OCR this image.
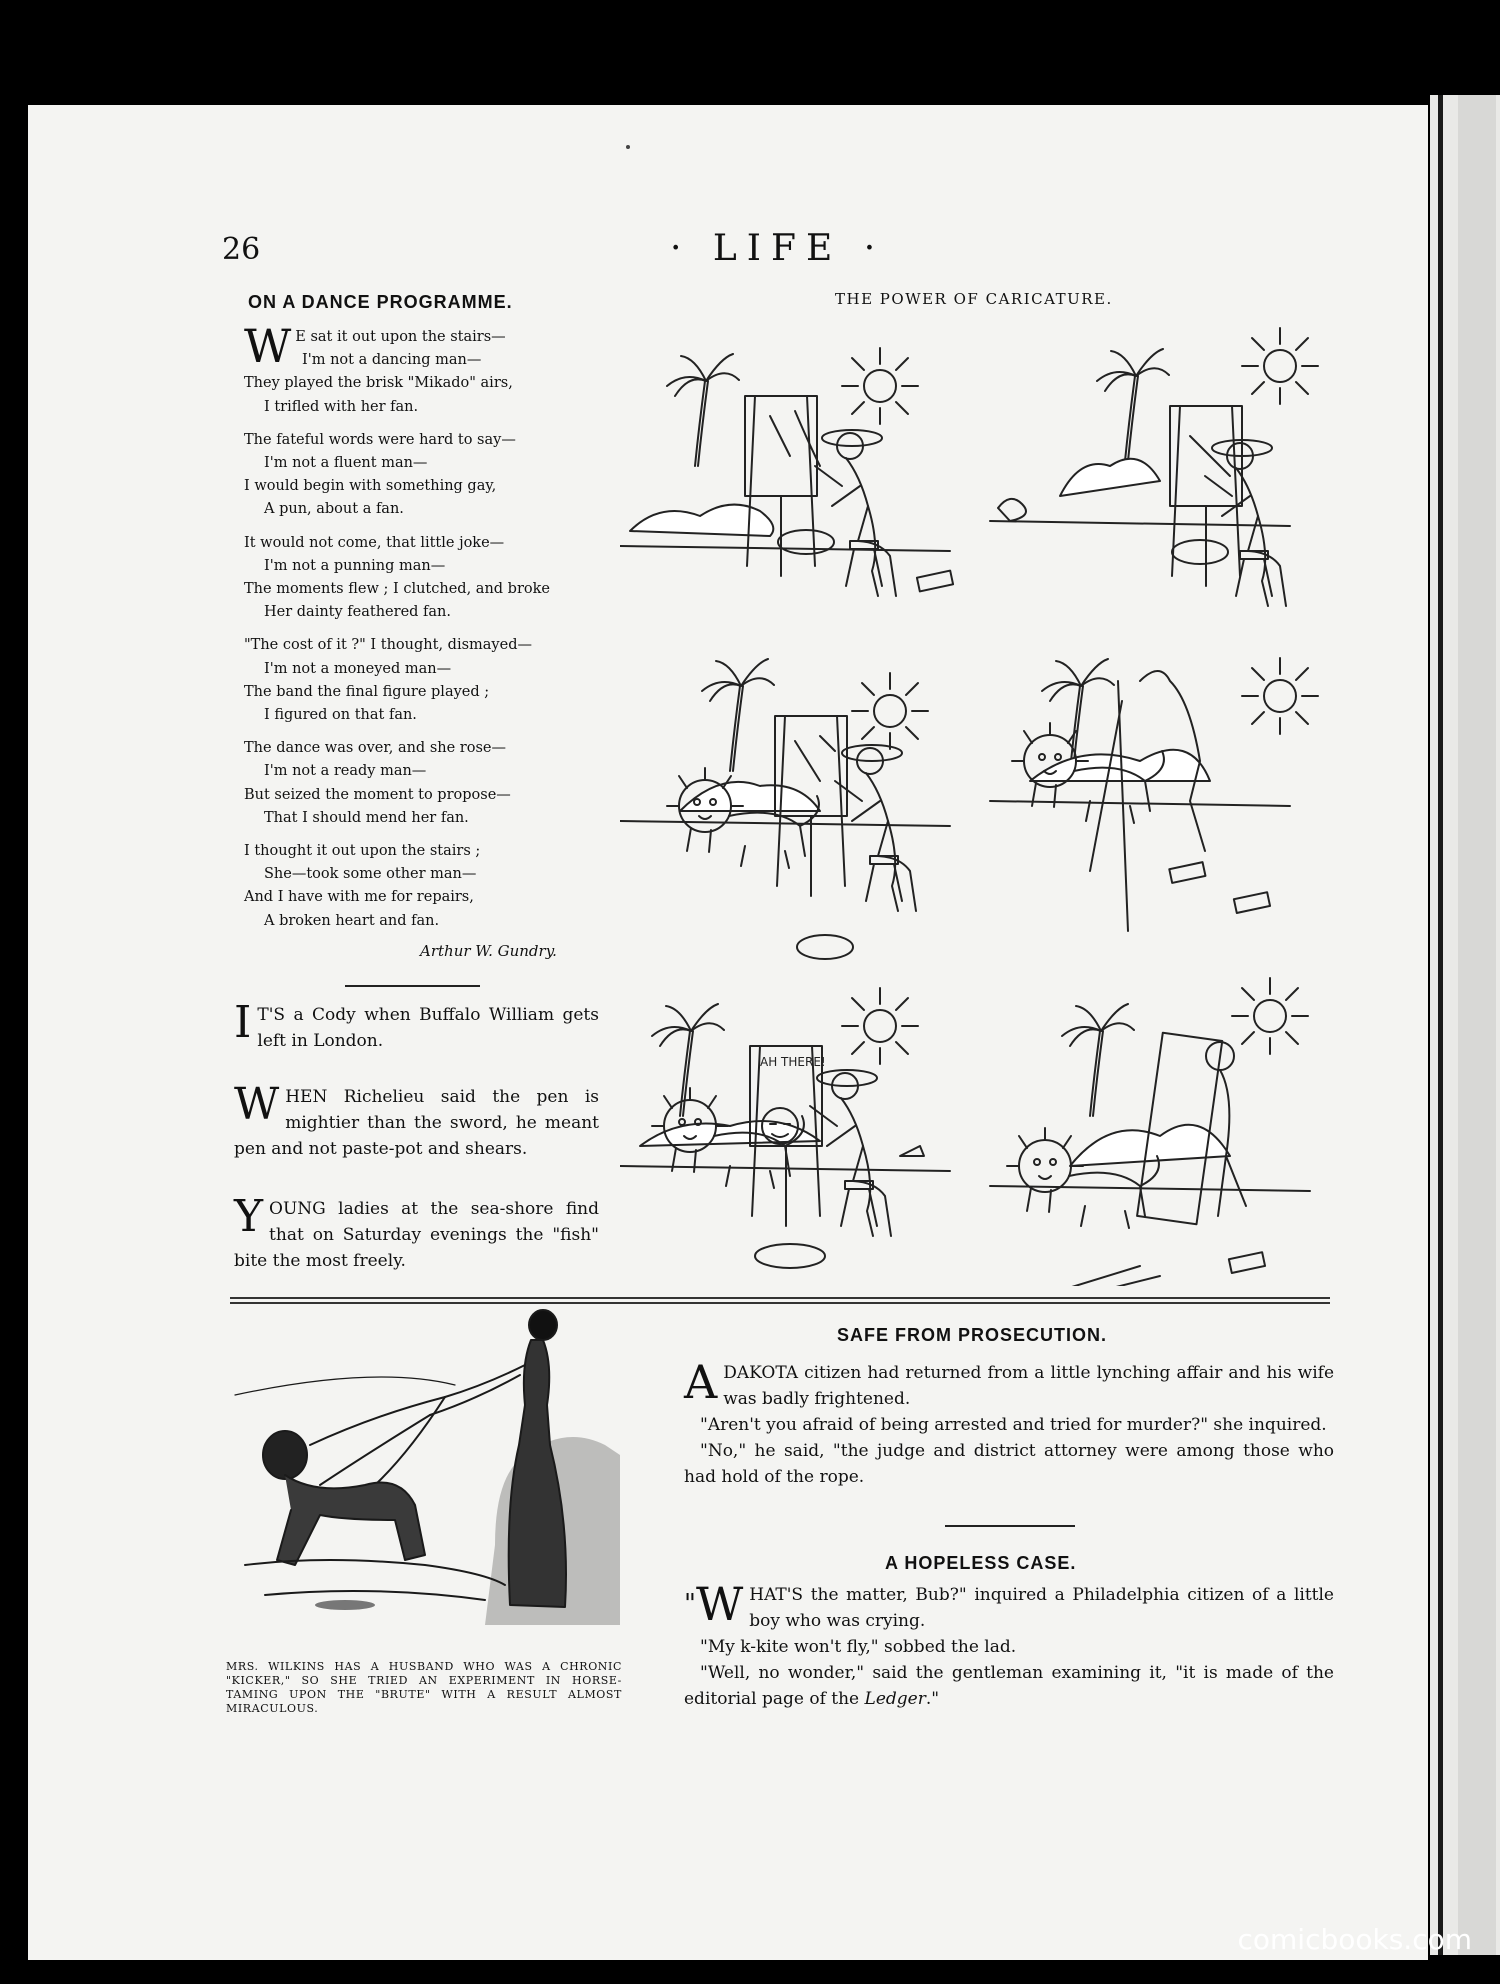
26	· LIFE ·
ON A DANCE PROGRAMME.
W E sat it out upon the stairs—
I'm not a dancing man—
They played the brisk "Mikado" airs,
I trifled with her fan.
The fateful words were hard to say—
I'm not a fluent man—
I would begin with something gay,
A pun, about a fan.
It would not come, that little joke—
I'm not a punning man—
The moments flew ; I clutched, and broke
Her dainty feathered fan.
"The cost of it ?" I thought, dismayed—
I'm not a moneyed man—
The band the final figure played ;
I figured on that fan.
The dance was over, and she rose—
I'm not a ready man—
But seized the moment to propose—
That I should mend her fan.
I thought it out upon the stairs ;
She—took some other man—
And I have with me for repairs,
A broken heart and fan.
Arthur W. Gundry.
I T'S a Cody when Buffalo William gets left in London.
WHEN Richelieu said the pen is mightier than the sword, he meant pen and not paste-pot and shears.
YOUNG ladies at the sea-shore find that on Saturday evenings the "fish" bite the most freely.
THE POWER OF CARICATURE.
AH THERE!
MRS. WILKINS HAS A HUSBAND WHO WAS A CHRONIC "KICKER," SO SHE TRIED AN EXPERIMENT IN HORSE-TAMING UPON THE "BRUTE" WITH A RESULT ALMOST MIRACULOUS.
SAFE FROM PROSECUTION.

ADAKOTA citizen had returned from a little lynching affair and his wife was badly frightened.

"Aren't you afraid of being arrested and tried for murder?" she inquired.

"No," he said, "the judge and district attorney were among those who had hold of the rope.

A HOPELESS CASE.

"W HAT'S the matter, Bub?" inquired a Philadelphia citizen of a little boy who was crying.

"My k-kite won't fly," sobbed the lad.

"Well, no wonder," said the gentleman examining it, "it is made of the editorial page of the Ledger."

comicbooks.com
